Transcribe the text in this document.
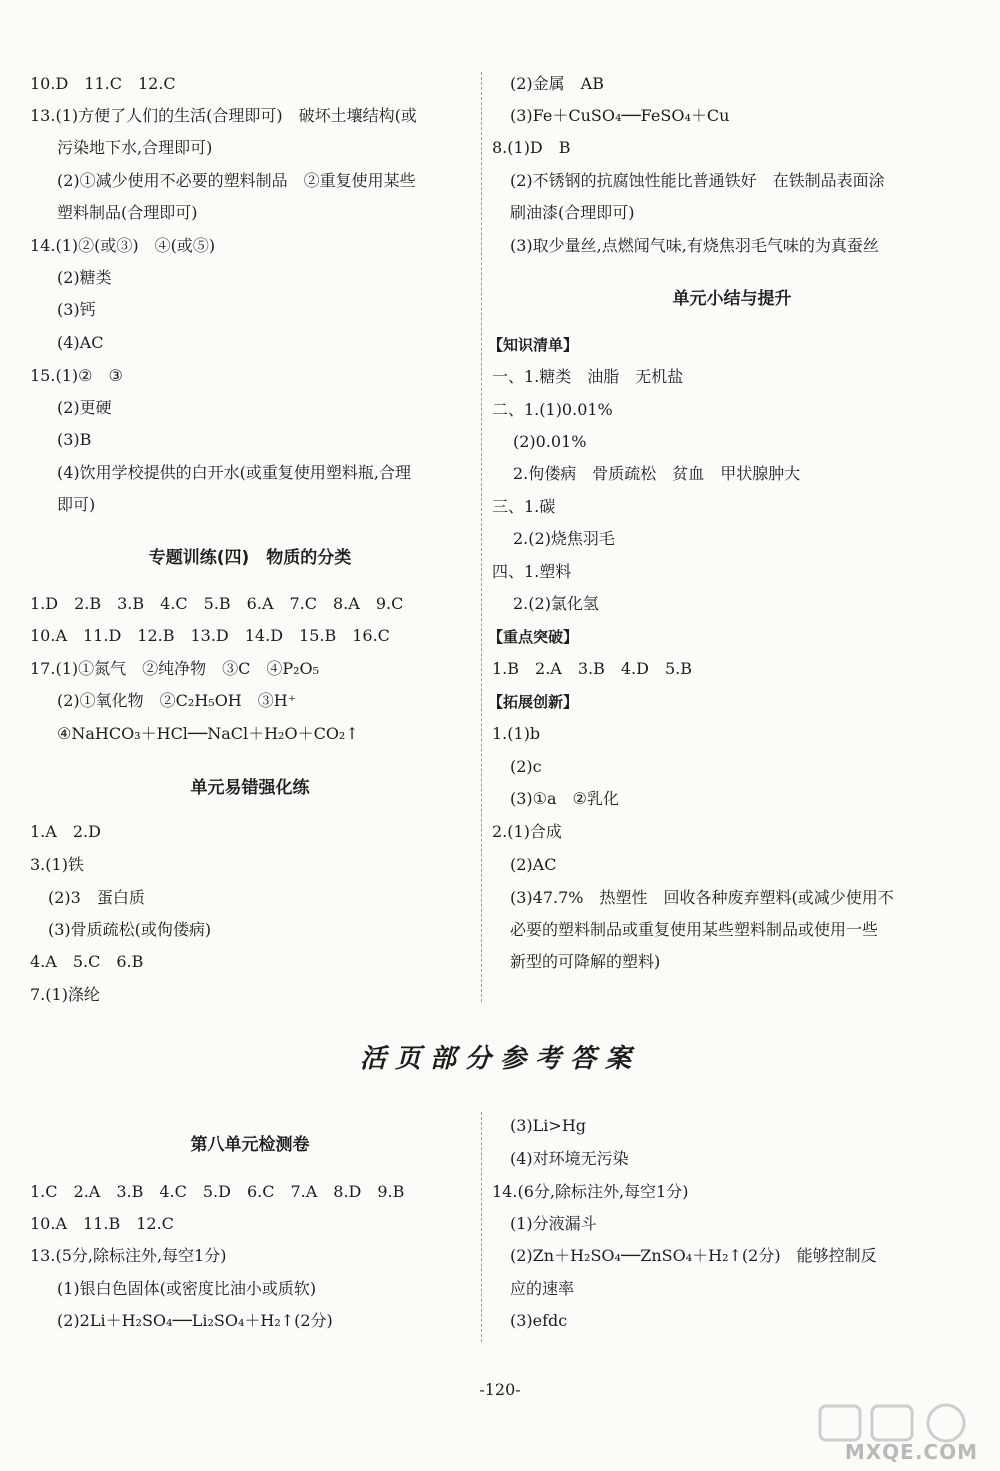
10.D　11.C　12.C
13.(1)方便了人们的生活(合理即可)　破坏土壤结构(或
污染地下水,合理即可)
(2)①减少使用不必要的塑料制品　②重复使用某些
塑料制品(合理即可)
14.(1)②(或③)　④(或⑤)
(2)糖类
(3)钙
(4)AC
15.(1)②　③
(2)更硬
(3)B
(4)饮用学校提供的白开水(或重复使用塑料瓶,合理
即可)
专题训练(四)　物质的分类
1.D　2.B　3.B　4.C　5.B　6.A　7.C　8.A　9.C
10.A　11.D　12.B　13.D　14.D　15.B　16.C
17.(1)①氮气　②纯净物　③C　④P₂O₅
(2)①氧化物　②C₂H₅OH　③H⁺
④NaHCO₃＋HCl──NaCl＋H₂O＋CO₂↑
单元易错强化练
1.A　2.D
3.(1)铁
(2)3　蛋白质
(3)骨质疏松(或佝偻病)
4.A　5.C　6.B
7.(1)涤纶
(2)金属　AB
(3)Fe＋CuSO₄──FeSO₄＋Cu
8.(1)D　B
(2)不锈钢的抗腐蚀性能比普通铁好　在铁制品表面涂
刷油漆(合理即可)
(3)取少量丝,点燃闻气味,有烧焦羽毛气味的为真蚕丝
单元小结与提升
【知识清单】
一、1.糖类　油脂　无机盐
二、1.(1)0.01%
(2)0.01%
2.佝偻病　骨质疏松　贫血　甲状腺肿大
三、1.碳
2.(2)烧焦羽毛
四、1.塑料
2.(2)氯化氢
【重点突破】
1.B　2.A　3.B　4.D　5.B
【拓展创新】
1.(1)b
(2)c
(3)①a　②乳化
2.(1)合成
(2)AC
(3)47.7%　热塑性　回收各种废弃塑料(或减少使用不
必要的塑料制品或重复使用某些塑料制品或使用一些
新型的可降解的塑料)
活页部分参考答案
第八单元检测卷
1.C　2.A　3.B　4.C　5.D　6.C　7.A　8.D　9.B
10.A　11.B　12.C
13.(5分,除标注外,每空1分)
(1)银白色固体(或密度比油小或质软)
(2)2Li＋H₂SO₄──Li₂SO₄＋H₂↑(2分)
(3)Li>Hg
(4)对环境无污染
14.(6分,除标注外,每空1分)
(1)分液漏斗
(2)Zn＋H₂SO₄──ZnSO₄＋H₂↑(2分)　能够控制反
应的速率
(3)efdc
-120-
MXQE.COM
